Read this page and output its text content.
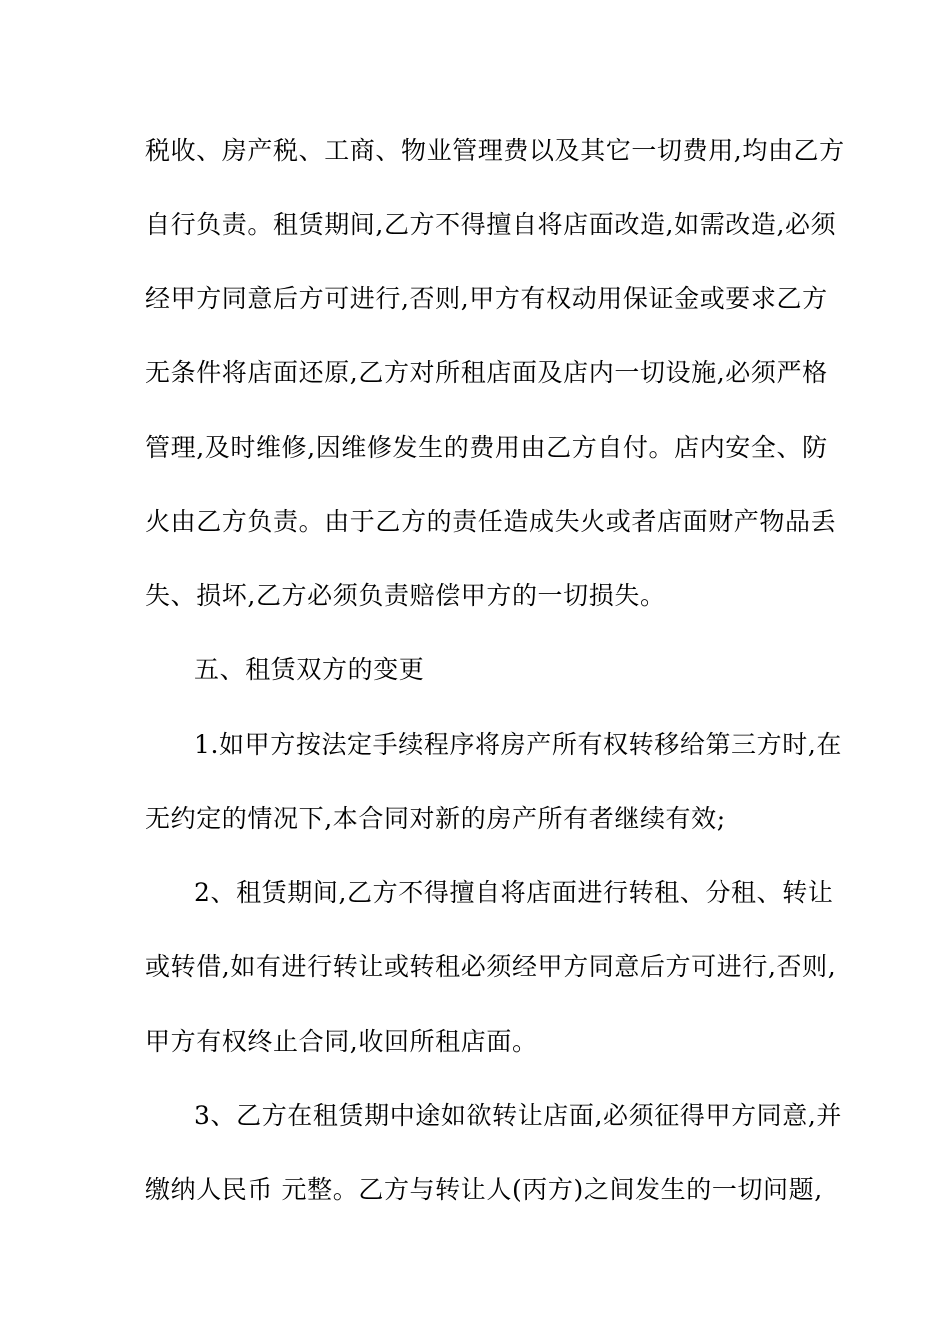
税收、房产税、工商、物业管理费以及其它一切费用,均由乙方
自行负责。租赁期间,乙方不得擅自将店面改造,如需改造,必须
经甲方同意后方可进行,否则,甲方有权动用保证金或要求乙方
无条件将店面还原,乙方对所租店面及店内一切设施,必须严格
管理,及时维修,因维修发生的费用由乙方自付。店内安全、防
火由乙方负责。由于乙方的责任造成失火或者店面财产物品丢
失、损坏,乙方必须负责赔偿甲方的一切损失。
五、租赁双方的变更
1.如甲方按法定手续程序将房产所有权转移给第三方时,在
无约定的情况下,本合同对新的房产所有者继续有效;
2、租赁期间,乙方不得擅自将店面进行转租、分租、转让
或转借,如有进行转让或转租必须经甲方同意后方可进行,否则,
甲方有权终止合同,收回所租店面。
3、乙方在租赁期中途如欲转让店面,必须征得甲方同意,并
缴纳人民币 元整。乙方与转让人(丙方)之间发生的一切问题,
